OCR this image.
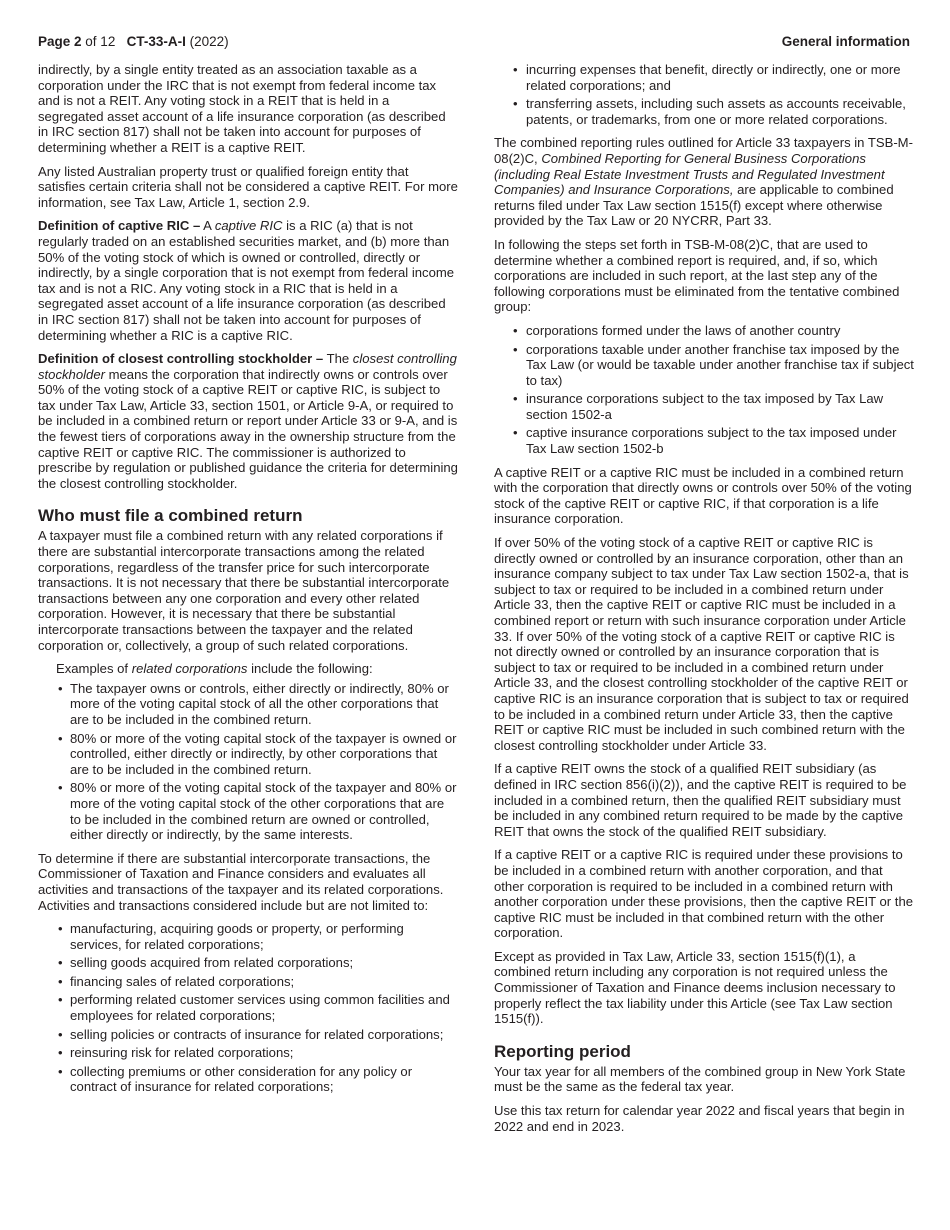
Page 2 of 12 CT-33-A-I (2022)	General information

indirectly, by a single entity treated as an association taxable as a corporation under the IRC that is not exempt from federal income tax and is not a REIT. Any voting stock in a REIT that is held in a segregated asset account of a life insurance corporation (as described in IRC section 817) shall not be taken into account for purposes of determining whether a REIT is a captive REIT.

Any listed Australian property trust or qualified foreign entity that satisfies certain criteria shall not be considered a captive REIT. For more information, see Tax Law, Article 1, section 2.9.

Definition of captive RIC – A captive RIC is a RIC (a) that is not regularly traded on an established securities market, and (b) more than 50% of the voting stock of which is owned or controlled, directly or indirectly, by a single corporation that is not exempt from federal income tax and is not a RIC. Any voting stock in a RIC that is held in a segregated asset account of a life insurance corporation (as described in IRC section 817) shall not be taken into account for purposes of determining whether a RIC is a captive RIC.

Definition of closest controlling stockholder – The closest controlling stockholder means the corporation that indirectly owns or controls over 50% of the voting stock of a captive REIT or captive RIC, is subject to tax under Tax Law, Article 33, section 1501, or Article 9-A, or required to be included in a combined return or report under Article 33 or 9-A, and is the fewest tiers of corporations away in the ownership structure from the captive REIT or captive RIC. The commissioner is authorized to prescribe by regulation or published guidance the criteria for determining the closest controlling stockholder.

Who must file a combined return

A taxpayer must file a combined return with any related corporations if there are substantial intercorporate transactions among the related corporations, regardless of the transfer price for such intercorporate transactions. It is not necessary that there be substantial intercorporate transactions between any one corporation and every other related corporation. However, it is necessary that there be substantial intercorporate transactions between the taxpayer and the related corporation or, collectively, a group of such related corporations.

Examples of related corporations include the following:
• The taxpayer owns or controls, either directly or indirectly, 80% or more of the voting capital stock of all the other corporations that are to be included in the combined return.
• 80% or more of the voting capital stock of the taxpayer is owned or controlled, either directly or indirectly, by other corporations that are to be included in the combined return.
• 80% or more of the voting capital stock of the taxpayer and 80% or more of the voting capital stock of the other corporations that are to be included in the combined return are owned or controlled, either directly or indirectly, by the same interests.

To determine if there are substantial intercorporate transactions, the Commissioner of Taxation and Finance considers and evaluates all activities and transactions of the taxpayer and its related corporations. Activities and transactions considered include but are not limited to:

• manufacturing, acquiring goods or property, or performing services, for related corporations;
• selling goods acquired from related corporations;
• financing sales of related corporations;
• performing related customer services using common facilities and employees for related corporations;
• selling policies or contracts of insurance for related corporations;
• reinsuring risk for related corporations;
• collecting premiums or other consideration for any policy or contract of insurance for related corporations;
• incurring expenses that benefit, directly or indirectly, one or more related corporations; and
• transferring assets, including such assets as accounts receivable, patents, or trademarks, from one or more related corporations.

The combined reporting rules outlined for Article 33 taxpayers in TSB-M-08(2)C, Combined Reporting for General Business Corporations (including Real Estate Investment Trusts and Regulated Investment Companies) and Insurance Corporations, are applicable to combined returns filed under Tax Law section 1515(f) except where otherwise provided by the Tax Law or 20 NYCRR, Part 33.

In following the steps set forth in TSB-M-08(2)C, that are used to determine whether a combined report is required, and, if so, which corporations are included in such report, at the last step any of the following corporations must be eliminated from the tentative combined group:

• corporations formed under the laws of another country
• corporations taxable under another franchise tax imposed by the Tax Law (or would be taxable under another franchise tax if subject to tax)
• insurance corporations subject to the tax imposed by Tax Law section 1502-a
• captive insurance corporations subject to the tax imposed under Tax Law section 1502-b

A captive REIT or a captive RIC must be included in a combined return with the corporation that directly owns or controls over 50% of the voting stock of the captive REIT or captive RIC, if that corporation is a life insurance corporation.

If over 50% of the voting stock of a captive REIT or captive RIC is directly owned or controlled by an insurance corporation, other than an insurance company subject to tax under Tax Law section 1502-a, that is subject to tax or required to be included in a combined return under Article 33, then the captive REIT or captive RIC must be included in a combined report or return with such insurance corporation under Article 33. If over 50% of the voting stock of a captive REIT or captive RIC is not directly owned or controlled by an insurance corporation that is subject to tax or required to be included in a combined return under Article 33, and the closest controlling stockholder of the captive REIT or captive RIC is an insurance corporation that is subject to tax or required to be included in a combined return under Article 33, then the captive REIT or captive RIC must be included in such combined return with the closest controlling stockholder under Article 33.

If a captive REIT owns the stock of a qualified REIT subsidiary (as defined in IRC section 856(i)(2)), and the captive REIT is required to be included in a combined return, then the qualified REIT subsidiary must be included in any combined return required to be made by the captive REIT that owns the stock of the qualified REIT subsidiary.

If a captive REIT or a captive RIC is required under these provisions to be included in a combined return with another corporation, and that other corporation is required to be included in a combined return with another corporation under these provisions, then the captive REIT or the captive RIC must be included in that combined return with the other corporation.

Except as provided in Tax Law, Article 33, section 1515(f)(1), a combined return including any corporation is not required unless the Commissioner of Taxation and Finance deems inclusion necessary to properly reflect the tax liability under this Article (see Tax Law section 1515(f)).

Reporting period

Your tax year for all members of the combined group in New York State must be the same as the federal tax year.

Use this tax return for calendar year 2022 and fiscal years that begin in 2022 and end in 2023.
